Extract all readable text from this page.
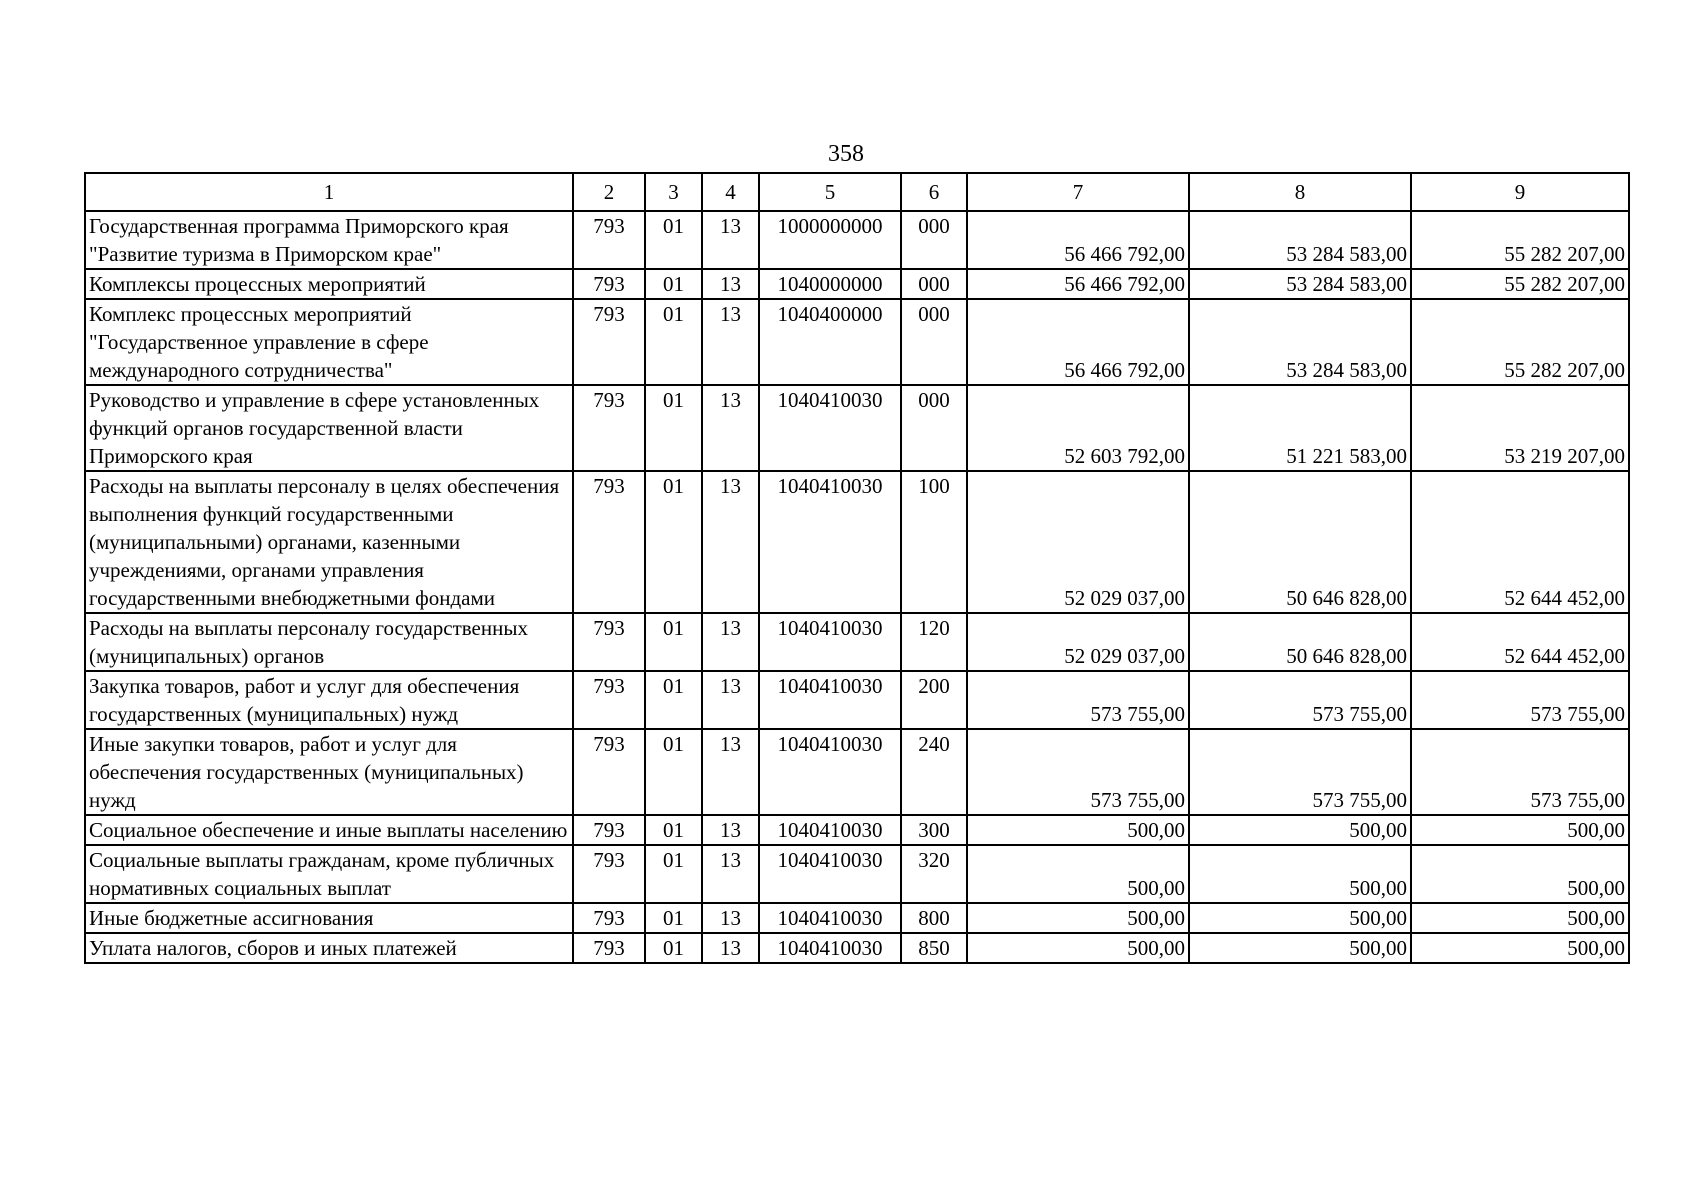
358
1	2	3	4	5	6	7	8	9
Государственная программа Приморского края "Развитие туризма в Приморском крае"	793	01	13	1000000000	000	56 466 792,00	53 284 583,00	55 282 207,00
Комплексы процессных мероприятий	793	01	13	1040000000	000	56 466 792,00	53 284 583,00	55 282 207,00
Комплекс процессных мероприятий "Государственное управление в сфере международного сотрудничества"	793	01	13	1040400000	000	56 466 792,00	53 284 583,00	55 282 207,00
Руководство и управление в сфере установленных функций органов государственной власти Приморского края	793	01	13	1040410030	000	52 603 792,00	51 221 583,00	53 219 207,00
Расходы на выплаты персоналу в целях обеспечения выполнения функций государственными (муниципальными) органами, казенными учреждениями, органами управления государственными внебюджетными фондами	793	01	13	1040410030	100	52 029 037,00	50 646 828,00	52 644 452,00
Расходы на выплаты персоналу государственных (муниципальных) органов	793	01	13	1040410030	120	52 029 037,00	50 646 828,00	52 644 452,00
Закупка товаров, работ и услуг для обеспечения государственных (муниципальных) нужд	793	01	13	1040410030	200	573 755,00	573 755,00	573 755,00
Иные закупки товаров, работ и услуг для обеспечения государственных (муниципальных) нужд	793	01	13	1040410030	240	573 755,00	573 755,00	573 755,00
Социальное обеспечение и иные выплаты населению	793	01	13	1040410030	300	500,00	500,00	500,00
Социальные выплаты гражданам, кроме публичных нормативных социальных выплат	793	01	13	1040410030	320	500,00	500,00	500,00
Иные бюджетные ассигнования	793	01	13	1040410030	800	500,00	500,00	500,00
Уплата налогов, сборов и иных платежей	793	01	13	1040410030	850	500,00	500,00	500,00
